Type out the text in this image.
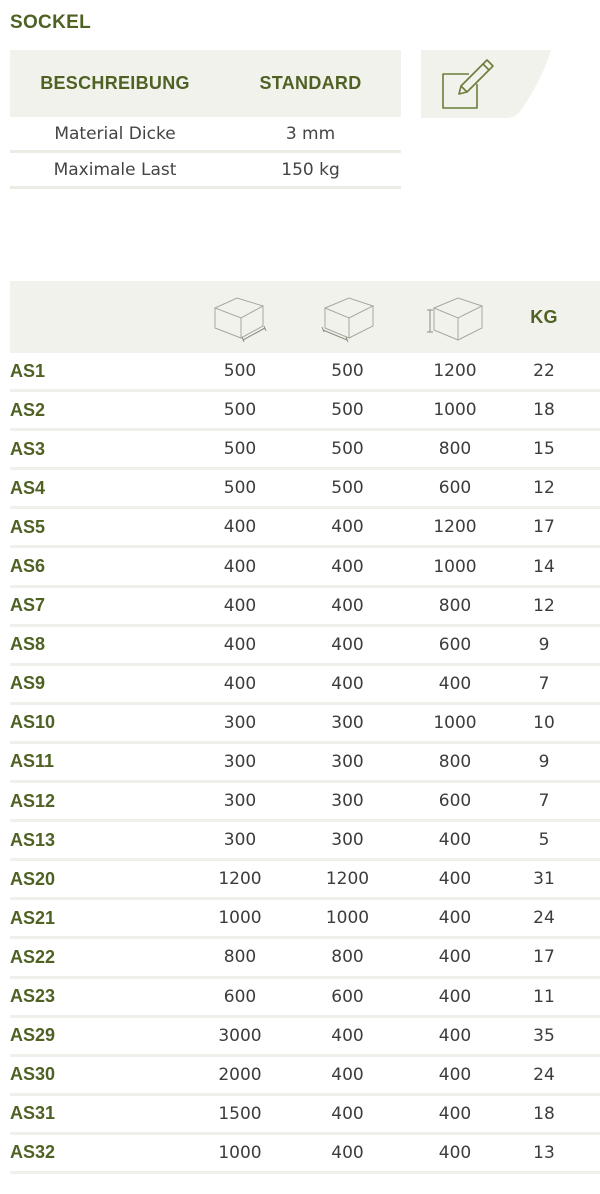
SOCKEL
BESCHREIBUNG	STANDARD
Material Dicke	3 mm
Maximale Last	150 kg
KG
AS1	500	500	1200	22
AS2	500	500	1000	18
AS3	500	500	800	15
AS4	500	500	600	12
AS5	400	400	1200	17
AS6	400	400	1000	14
AS7	400	400	800	12
AS8	400	400	600	9
AS9	400	400	400	7
AS10	300	300	1000	10
AS11	300	300	800	9
AS12	300	300	600	7
AS13	300	300	400	5
AS20	1200	1200	400	31
AS21	1000	1000	400	24
AS22	800	800	400	17
AS23	600	600	400	11
AS29	3000	400	400	35
AS30	2000	400	400	24
AS31	1500	400	400	18
AS32	1000	400	400	13
